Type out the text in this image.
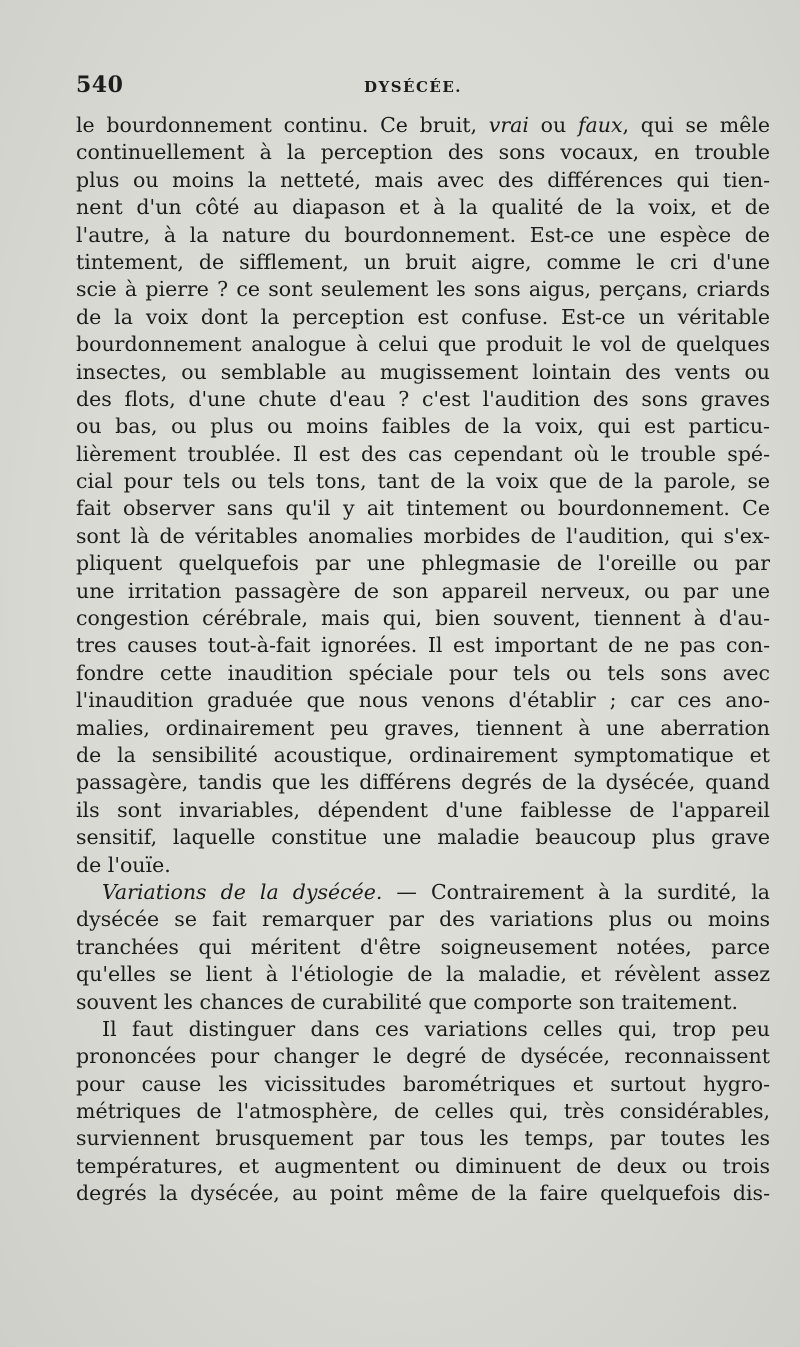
540	DYSÉCÉE.
le bourdonnement continu. Ce bruit, vrai ou faux, qui se mêle
continuellement à la perception des sons vocaux, en trouble
plus ou moins la netteté, mais avec des différences qui tien-
nent d'un côté au diapason et à la qualité de la voix, et de
l'autre, à la nature du bourdonnement. Est-ce une espèce de
tintement, de sifflement, un bruit aigre, comme le cri d'une
scie à pierre ? ce sont seulement les sons aigus, perçans, criards
de la voix dont la perception est confuse. Est-ce un véritable
bourdonnement analogue à celui que produit le vol de quelques
insectes, ou semblable au mugissement lointain des vents ou
des flots, d'une chute d'eau ? c'est l'audition des sons graves
ou bas, ou plus ou moins faibles de la voix, qui est particu-
lièrement troublée. Il est des cas cependant où le trouble spé-
cial pour tels ou tels tons, tant de la voix que de la parole, se
fait observer sans qu'il y ait tintement ou bourdonnement. Ce
sont là de véritables anomalies morbides de l'audition, qui s'ex-
pliquent quelquefois par une phlegmasie de l'oreille ou par
une irritation passagère de son appareil nerveux, ou par une
congestion cérébrale, mais qui, bien souvent, tiennent à d'au-
tres causes tout-à-fait ignorées. Il est important de ne pas con-
fondre cette inaudition spéciale pour tels ou tels sons avec
l'inaudition graduée que nous venons d'établir ; car ces ano-
malies, ordinairement peu graves, tiennent à une aberration
de la sensibilité acoustique, ordinairement symptomatique et
passagère, tandis que les différens degrés de la dysécée, quand
ils sont invariables, dépendent d'une faiblesse de l'appareil
sensitif, laquelle constitue une maladie beaucoup plus grave
de l'ouïe.
Variations de la dysécée. — Contrairement à la surdité, la
dysécée se fait remarquer par des variations plus ou moins
tranchées qui méritent d'être soigneusement notées, parce
qu'elles se lient à l'étiologie de la maladie, et révèlent assez
souvent les chances de curabilité que comporte son traitement.
Il faut distinguer dans ces variations celles qui, trop peu
prononcées pour changer le degré de dysécée, reconnaissent
pour cause les vicissitudes barométriques et surtout hygro-
métriques de l'atmosphère, de celles qui, très considérables,
surviennent brusquement par tous les temps, par toutes les
températures, et augmentent ou diminuent de deux ou trois
degrés la dysécée, au point même de la faire quelquefois dis-
